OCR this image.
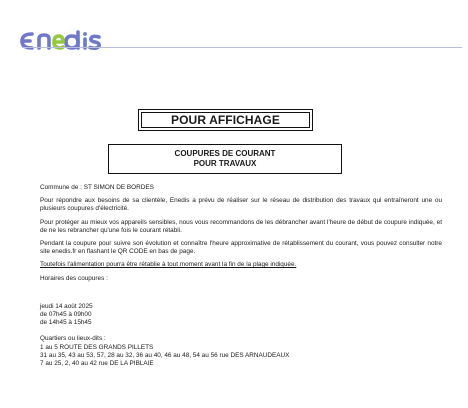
POUR AFFICHAGE
COUPURES DE COURANT
POUR TRAVAUX
Commune de : ST SIMON DE BORDES
Pour répondre aux besoins de sa clientèle, Enedis a prévu de réaliser sur le réseau de distribution des travaux qui entraîneront une ou plusieurs coupures d'électricité.
Pour protéger au mieux vos appareils sensibles, nous vous recommandons de les débrancher avant l'heure de début de coupure indiquée, et de ne les rebrancher qu'une fois le courant rétabli.
Pendant la coupure pour suivre son évolution et connaître l'heure approximative de rétablissement du courant, vous pouvez consulter notre site enedis.fr en flashant le QR CODE en bas de page.
Toutefois l'alimentation pourra être rétablie à tout moment avant la fin de la plage indiquée.
Horaires des coupures :
jeudi 14 août 2025
de 07h45 à 09h00
de 14h45 à 15h45
Quartiers ou lieux-dits :
1 au 5 ROUTE DES GRANDS PILLETS
31 au 35, 43 au 53, 57, 28 au 32, 36 au 40, 46 au 48, 54 au 56 rue DES ARNAUDEAUX
7 au 25, 2, 40 au 42 rue DE LA PIBLAIE
